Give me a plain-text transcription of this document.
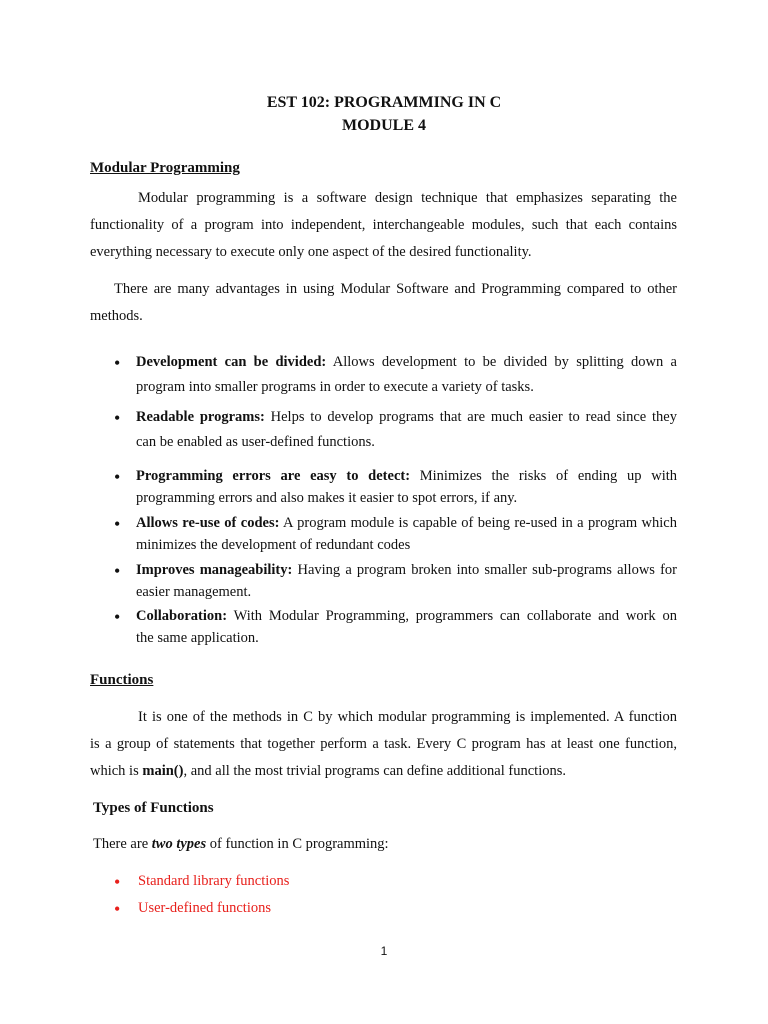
EST 102: PROGRAMMING IN C
MODULE 4
Modular Programming
Modular programming is a software design technique that emphasizes separating the
functionality of a program into independent, interchangeable modules, such that each contains
everything necessary to execute only one aspect of the desired functionality.
There are many advantages in using Modular Software and Programming compared to other
methods.
• Development can be divided: Allows development to be divided by splitting down a
program into smaller programs in order to execute a variety of tasks.
• Readable programs: Helps to develop programs that are much easier to read since they
can be enabled as user-defined functions.
• Programming errors are easy to detect: Minimizes the risks of ending up with
programming errors and also makes it easier to spot errors, if any.
• Allows re-use of codes: A program module is capable of being re-used in a program which
minimizes the development of redundant codes
• Improves manageability: Having a program broken into smaller sub-programs allows for
easier management.
• Collaboration: With Modular Programming, programmers can collaborate and work on
the same application.
Functions
It is one of the methods in C by which modular programming is implemented. A function
is a group of statements that together perform a task. Every C program has at least one function,
which is main(), and all the most trivial programs can define additional functions.
Types of Functions
There are two types of function in C programming:
• Standard library functions
• User-defined functions
1
